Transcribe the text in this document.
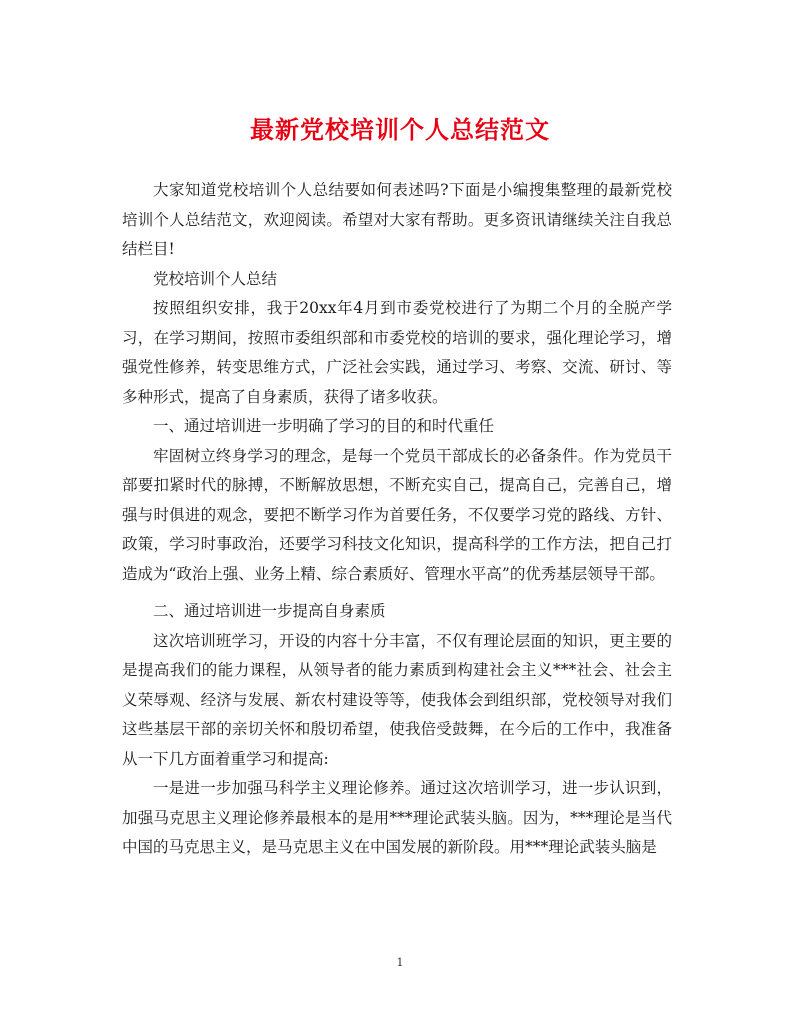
最新党校培训个人总结范文

大家知道党校培训个人总结要如何表述吗?下面是小编搜集整理的最新党校培训个人总结范文，欢迎阅读。希望对大家有帮助。更多资讯请继续关注自我总结栏目!

党校培训个人总结

按照组织安排，我于20xx年4月到市委党校进行了为期二个月的全脱产学习，在学习期间，按照市委组织部和市委党校的培训的要求，强化理论学习，增强党性修养，转变思维方式，广泛社会实践，通过学习、考察、交流、研讨、等多种形式，提高了自身素质，获得了诸多收获。

一、通过培训进一步明确了学习的目的和时代重任

牢固树立终身学习的理念，是每一个党员干部成长的必备条件。作为党员干部要扣紧时代的脉搏，不断解放思想，不断充实自己，提高自己，完善自己，增强与时俱进的观念，要把不断学习作为首要任务，不仅要学习党的路线、方针、政策，学习时事政治，还要学习科技文化知识，提高科学的工作方法，把自己打造成为“政治上强、业务上精、综合素质好、管理水平高”的优秀基层领导干部。

二、通过培训进一步提高自身素质

这次培训班学习，开设的内容十分丰富，不仅有理论层面的知识，更主要的是提高我们的能力课程，从领导者的能力素质到构建社会主义***社会、社会主义荣辱观、经济与发展、新农村建设等等，使我体会到组织部，党校领导对我们这些基层干部的亲切关怀和殷切希望，使我倍受鼓舞，在今后的工作中，我准备从一下几方面着重学习和提高:

一是进一步加强马科学主义理论修养。通过这次培训学习，进一步认识到，加强马克思主义理论修养最根本的是用***理论武装头脑。因为，***理论是当代中国的马克思主义，是马克思主义在中国发展的新阶段。用***理论武装头脑是

1
